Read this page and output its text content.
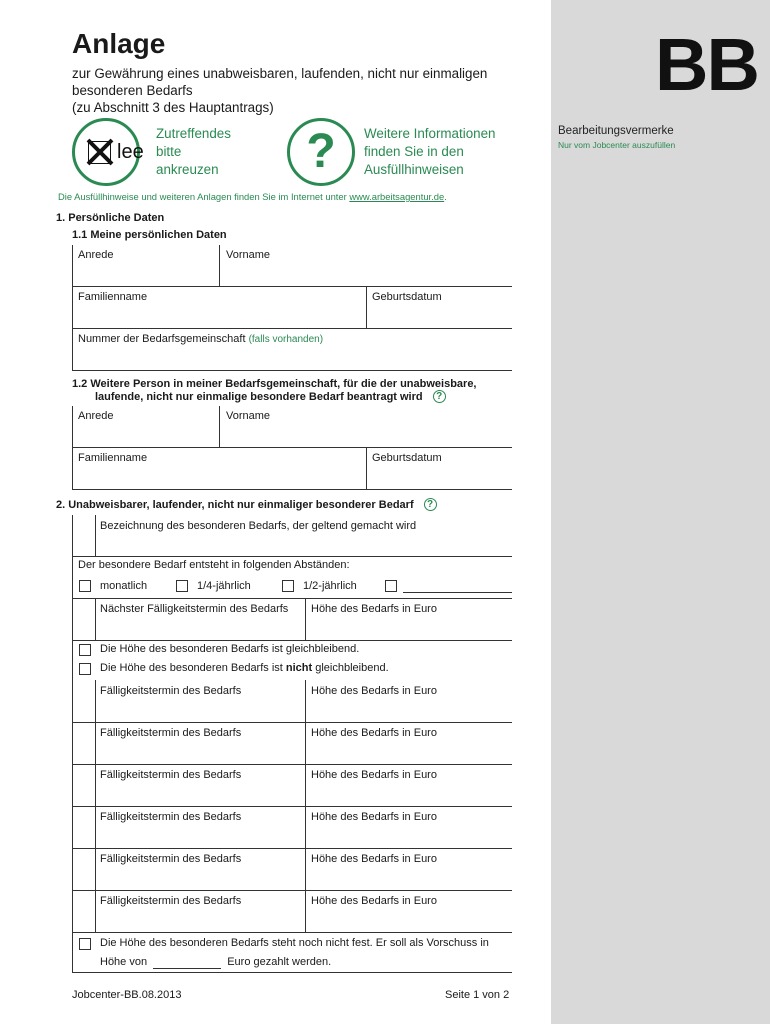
BB
Bearbeitungsvermerke
Nur vom Jobcenter auszufüllen
Anlage
zur Gewährung eines unabweisbaren, laufenden, nicht nur einmaligen
besonderen Bedarfs
(zu Abschnitt 3 des Hauptantrags)
lee
Zutreffendes
bitte
ankreuzen	?	Weitere Informationen
finden Sie in den
Ausfüllhinweisen
Die Ausfüllhinweise und weiteren Anlagen finden Sie im Internet unter www.arbeitsagentur.de.
1. Persönliche Daten
1.1 Meine persönlichen Daten
Anrede	Vorname
Familienname	Geburtsdatum
Nummer der Bedarfsgemeinschaft (falls vorhanden)
1.2 Weitere Person in meiner Bedarfsgemeinschaft, für die der unabweisbare,
laufende, nicht nur einmalige besondere Bedarf beantragt wird	?
Anrede	Vorname
Familienname	Geburtsdatum
2. Unabweisbarer, laufender, nicht nur einmaliger besonderer Bedarf	?
Bezeichnung des besonderen Bedarfs, der geltend gemacht wird
Der besondere Bedarf entsteht in folgenden Abständen:
monatlich	1/4-jährlich	1/2-jährlich
Nächster Fälligkeitstermin des Bedarfs Höhe des Bedarfs in Euro
Die Höhe des besonderen Bedarfs ist gleichbleibend.
Die Höhe des besonderen Bedarfs ist nicht gleichbleibend.
Fälligkeitstermin des Bedarfs	Höhe des Bedarfs in Euro
Fälligkeitstermin des Bedarfs	Höhe des Bedarfs in Euro
Fälligkeitstermin des Bedarfs	Höhe des Bedarfs in Euro
Fälligkeitstermin des Bedarfs	Höhe des Bedarfs in Euro
Fälligkeitstermin des Bedarfs	Höhe des Bedarfs in Euro
Fälligkeitstermin des Bedarfs	Höhe des Bedarfs in Euro
Die Höhe des besonderen Bedarfs steht noch nicht fest. Er soll als Vorschuss in
Höhe von	Euro gezahlt werden.
Jobcenter-BB.08.2013	Seite 1 von 2
